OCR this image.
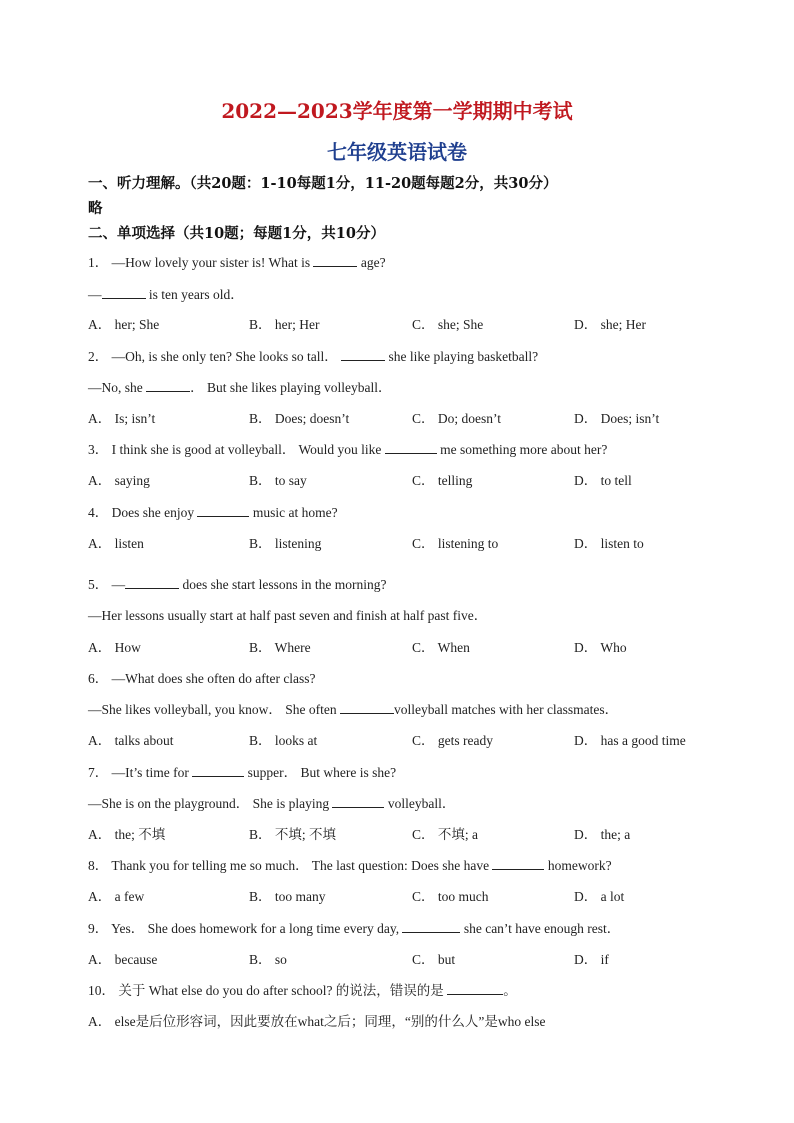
2022—2023学年度第一学期期中考试
七年级英语试卷
一、听力理解。（共20题：1-10每题1分，11-20题每题2分，共30分）
略
二、单项选择（共10题；每题1分，共10分）
1． —How lovely your sister is! What is	age?
—	is ten years old．
A． her; She	B． her; Her	C． she; She	D． she; Her
2． —Oh, is she only ten? She looks so tall．	she like playing basketball?
—No, she	． But she likes playing volleyball．
A． Is; isn’t	B． Does; doesn’t	C． Do; doesn’t	D． Does; isn’t
3． I think she is good at volleyball． Would you like	me something more about her?
A． saying	B． to say	C． telling	D． to tell
4． Does she enjoy	music at home?
A． listen	B． listening	C． listening to	D． listen to
5． —	does she start lessons in the morning?
—Her lessons usually start at half past seven and finish at half past five．
A． How	B． Where	C． When	D． Who
6． —What does she often do after class?
—She likes volleyball, you know． She often	volleyball matches with her classmates．
A． talks about	B． looks at	C． gets ready	D． has a good time
7． —It’s time for	supper． But where is she?
—She is on the playground． She is playing	volleyball．
A． the; 不填	B． 不填; 不填	C． 不填; a	D． the; a
8． Thank you for telling me so much． The last question: Does she have	homework?
A． a few	B． too many	C． too much	D． a lot
9． Yes． She does homework for a long time every day,	she can’t have enough rest．
A． because	B． so	C． but	D． if
10． 关于 What else do you do after school? 的说法，错误的是	。
A． else是后位形容词，因此要放在what之后；同理，“别的什么人”是who else
